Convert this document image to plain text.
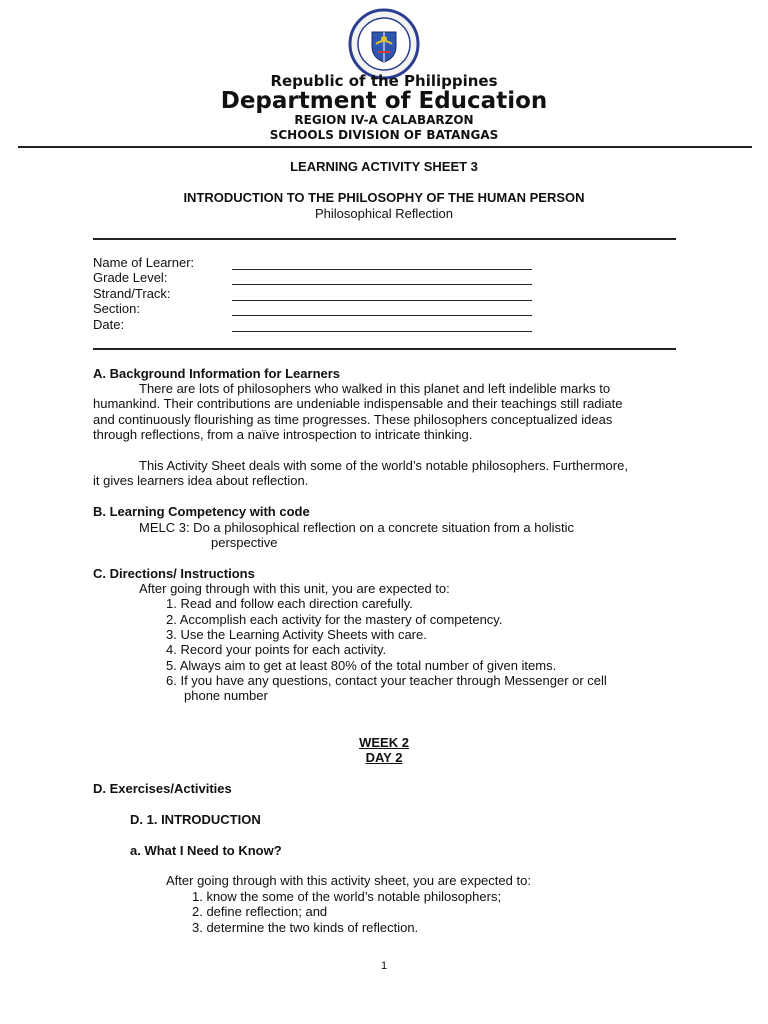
Republic of the Philippines
Department of Education
REGION IV-A CALABARZON
SCHOOLS DIVISION OF BATANGAS
LEARNING ACTIVITY SHEET 3
INTRODUCTION TO THE PHILOSOPHY OF THE HUMAN PERSON
Philosophical Reflection
Name of Learner:
Grade Level:
Strand/Track:
Section:
Date:
A. Background Information for Learners
There are lots of philosophers who walked in this planet and left indelible marks to
humankind. Their contributions are undeniable indispensable and their teachings still radiate
and continuously flourishing as time progresses. These philosophers conceptualized ideas
through reflections, from a naïve introspection to intricate thinking.
This Activity Sheet deals with some of the world’s notable philosophers. Furthermore,
it gives learners idea about reflection.
B. Learning Competency with code
MELC 3: Do a philosophical reflection on a concrete situation from a holistic
perspective
C. Directions/ Instructions
After going through with this unit, you are expected to:
1. Read and follow each direction carefully.
2. Accomplish each activity for the mastery of competency.
3. Use the Learning Activity Sheets with care.
4. Record your points for each activity.
5. Always aim to get at least 80% of the total number of given items.
6. If you have any questions, contact your teacher through Messenger or cell
phone number
WEEK 2
DAY 2
D. Exercises/Activities
D. 1. INTRODUCTION
a. What I Need to Know?
After going through with this activity sheet, you are expected to:
1. know the some of the world’s notable philosophers;
2. define reflection; and
3. determine the two kinds of reflection.
1
